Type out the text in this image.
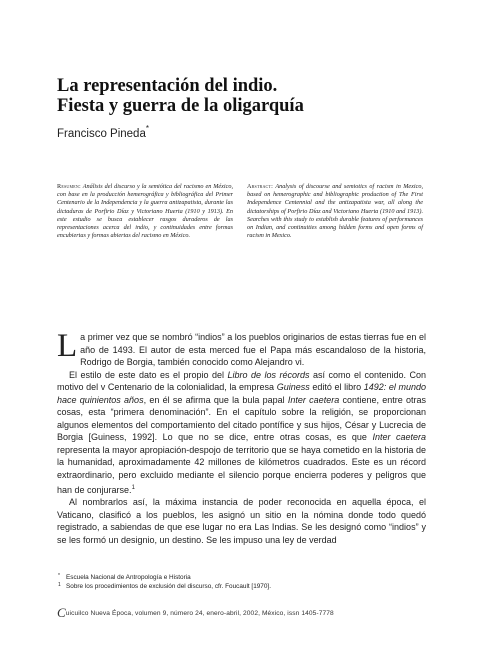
La representación del indio.
Fiesta y guerra de la oligarquía
Francisco Pineda*

Resumen: Análisis del discurso y la semiótica del racismo en México, con base en la producción hemerográfica y bibliográfica del Primer Centenario de la Independencia y la guerra antizapatista, durante las dictaduras de Porfirio Díaz y Victoriano Huerta (1910 y 1913). En este estudio se busca establecer rasgos duraderos de las representaciones acerca del indio, y continuidades entre formas encubiertas y formas abiertas del racismo en México.

Abstract: Analysis of discourse and semiotics of racism in Mexico, based on hemerographic and bibliographic production of The First Independence Centennial and the antizapatista war, all along the dictatorships of Porfirio Díaz and Victoriano Huerta (1910 and 1913). Searches with this study to establish durable features of performances on Indian, and continuities among hidden forms and open forms of racism in Mexico.

La primer vez que se nombró “indios” a los pueblos originarios de estas tierras fue en el año de 1493. El autor de esta merced fue el Papa más escandaloso de la historia, Rodrigo de Borgia, también conocido como Alejandro vi.

El estilo de este dato es el propio del Libro de los récords así como el contenido. Con motivo del v Centenario de la colonialidad, la empresa Guiness editó el libro 1492: el mundo hace quinientos años, en él se afirma que la bula papal Inter caetera contiene, entre otras cosas, esta “primera denominación”. En el capítulo sobre la religión, se proporcionan algunos elementos del comportamiento del citado pontífice y sus hijos, César y Lucrecia de Borgia [Guiness, 1992]. Lo que no se dice, entre otras cosas, es que Inter caetera representa la mayor apropiación-despojo de territorio que se haya cometido en la historia de la humanidad, aproximadamente 42 millones de kilómetros cuadrados. Este es un récord extraordinario, pero excluido mediante el silencio porque encierra poderes y peligros que han de conjurarse.$^1$

Al nombrarlos así, la máxima instancia de poder reconocida en aquella época, el Vaticano, clasificó a los pueblos, les asignó un sitio en la nómina donde todo quedó registrado, a sabiendas de que ese lugar no era Las Indias. Se les designó como “indios” y se les formó un designio, un destino. Se les impuso una ley de verdad

* Escuela Nacional de Antropología e Historia
1 Sobre los procedimientos de exclusión del discurso, cfr. Foucault [1970].
Cuicuilco Nueva Época, volumen 9, número 24, enero-abril, 2002, México, issn 1405-7778
